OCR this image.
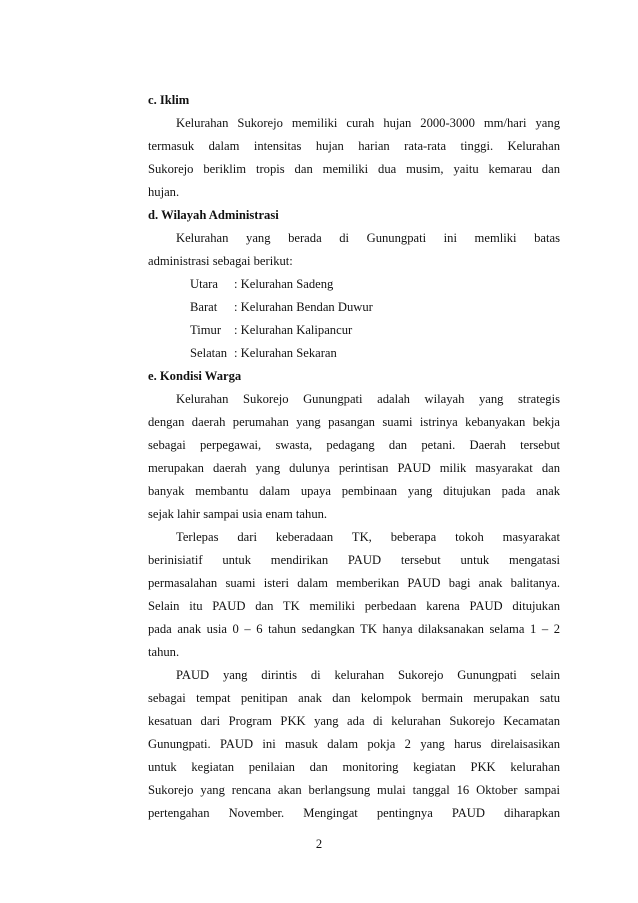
c. Iklim
Kelurahan Sukorejo memiliki curah hujan 2000-3000 mm/hari yang
termasuk dalam intensitas hujan harian rata-rata tinggi. Kelurahan
Sukorejo beriklim tropis dan memiliki dua musim, yaitu kemarau dan
hujan.
d. Wilayah Administrasi
Kelurahan yang berada di Gunungpati ini memliki batas
administrasi sebagai berikut:
Utara : Kelurahan Sadeng
Barat : Kelurahan Bendan Duwur
Timur : Kelurahan Kalipancur
Selatan : Kelurahan Sekaran
e. Kondisi Warga
Kelurahan Sukorejo Gunungpati adalah wilayah yang strategis
dengan daerah perumahan yang pasangan suami istrinya kebanyakan bekja
sebagai perpegawai, swasta, pedagang dan petani. Daerah tersebut
merupakan daerah yang dulunya perintisan PAUD milik masyarakat dan
banyak membantu dalam upaya pembinaan yang ditujukan pada anak
sejak lahir sampai usia enam tahun.
Terlepas dari keberadaan TK, beberapa tokoh masyarakat
berinisiatif untuk mendirikan PAUD tersebut untuk mengatasi
permasalahan suami isteri dalam memberikan PAUD bagi anak balitanya.
Selain itu PAUD dan TK memiliki perbedaan karena PAUD ditujukan
pada anak usia 0 – 6 tahun sedangkan TK hanya dilaksanakan selama 1 – 2
tahun.
PAUD yang dirintis di kelurahan Sukorejo Gunungpati selain
sebagai tempat penitipan anak dan kelompok bermain merupakan satu
kesatuan dari Program PKK yang ada di kelurahan Sukorejo Kecamatan
Gunungpati. PAUD ini masuk dalam pokja 2 yang harus direlaisasikan
untuk kegiatan penilaian dan monitoring kegiatan PKK kelurahan
Sukorejo yang rencana akan berlangsung mulai tanggal 16 Oktober sampai
pertengahan November. Mengingat pentingnya PAUD diharapkan
2
